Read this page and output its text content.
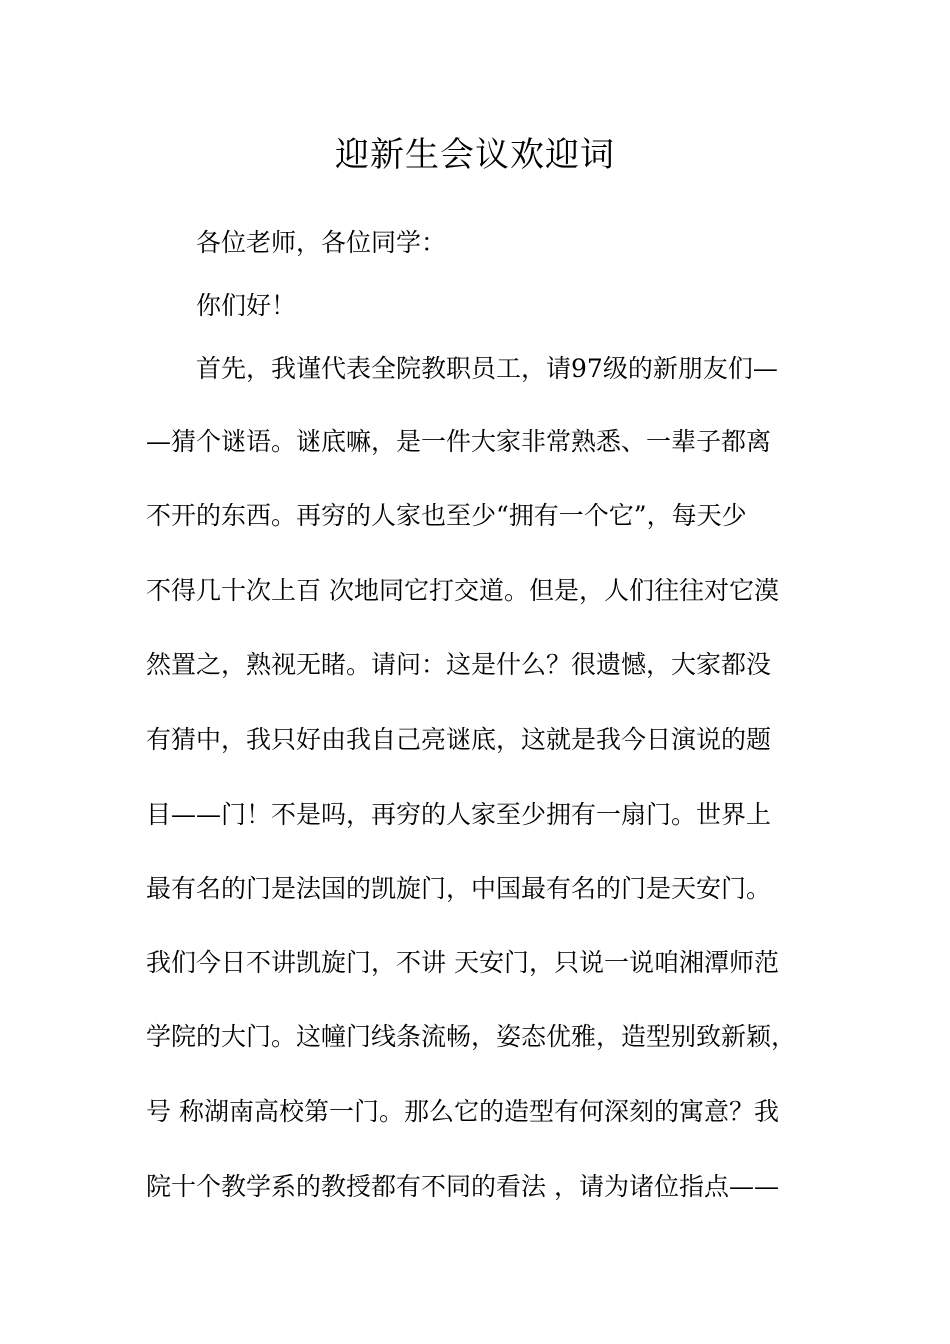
迎新生会议欢迎词

各位老师，各位同学：

你们好！

首先，我谨代表全院教职员工，请97级的新朋友们—

—猜个谜语。谜底嘛，是一件大家非常熟悉、一辈子都离

不开的东西。再穷的人家也至少“拥有一个它”，每天少

不得几十次上百 次地同它打交道。但是，人们往往对它漠

然置之，熟视无睹。请问：这是什么？很遗憾，大家都没

有猜中，我只好由我自己亮谜底，这就是我今日演说的题

目——门！不是吗，再穷的人家至少拥有一扇门。世界上

最有名的门是法国的凯旋门，中国最有名的门是天安门。

我们今日不讲凯旋门，不讲 天安门，只说一说咱湘潭师范

学院的大门。这幢门线条流畅，姿态优雅，造型别致新颖，

号 称湖南高校第一门。那么它的造型有何深刻的寓意？我

院十个教学系的教授都有不同的看法 ，请为诸位指点——
